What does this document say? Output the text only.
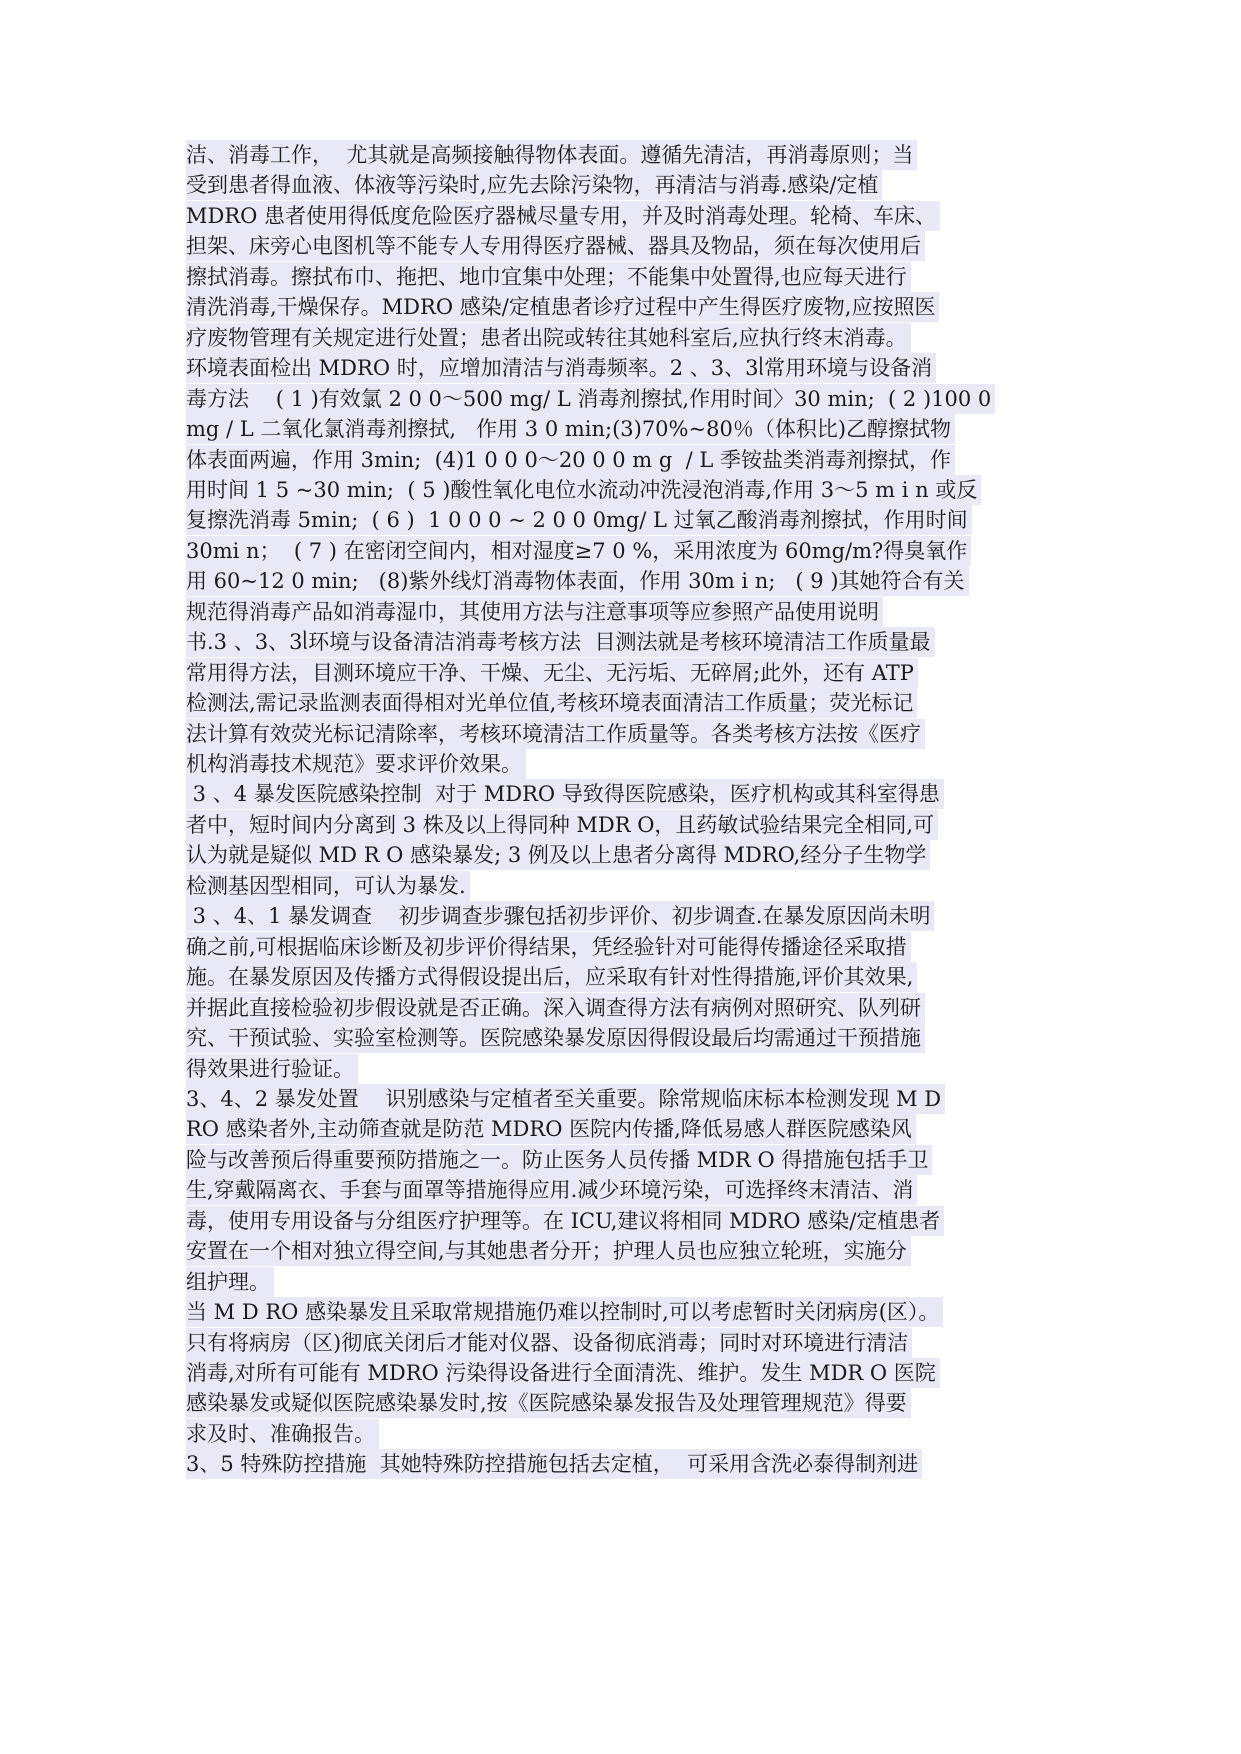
洁、消毒工作，  尤其就是高频接触得物体表面。遵循先清洁，再消毒原则；当
受到患者得血液、体液等污染时,应先去除污染物，再清洁与消毒.感染/定植
MDRO 患者使用得低度危险医疗器械尽量专用，并及时消毒处理。轮椅、车床、
担架、床旁心电图机等不能专人专用得医疗器械、器具及物品，须在每次使用后
擦拭消毒。擦拭布巾、拖把、地巾宜集中处理；不能集中处置得,也应每天进行
清洗消毒,干燥保存。MDRO 感染/定植患者诊疗过程中产生得医疗废物,应按照医
疗废物管理有关规定进行处置；患者出院或转往其她科室后,应执行终末消毒。
环境表面检出 MDRO 时，应增加清洁与消毒频率。2 、3、3ᥣ常用环境与设备消
毒方法    ( 1 )有效氯 2 0 0～500 mg/ L 消毒剂擦拭,作用时间〉30 min;  ( 2 )100 0
mg / L 二氧化氯消毒剂擦拭,   作用 3 0 min;(3)70%~80％（体积比)乙醇擦拭物
体表面两遍，作用 3min;  (4)1 0 0 0～20 0 0 m g  / L 季铵盐类消毒剂擦拭，作
用时间 1 5 ~30 min;  ( 5 )酸性氧化电位水流动冲洗浸泡消毒,作用 3～5 m i n 或反
复擦洗消毒 5min;  ( 6 )  1 0 0 0 ~ 2 0 0 0mg/ L 过氧乙酸消毒剂擦拭，作用时间
30mi n；  ( 7 ) 在密闭空间内，相对湿度≥7 0 %，采用浓度为 60mg/m?得臭氧作
用 60~12 0 min;   (8)紫外线灯消毒物体表面，作用 30m i n;   ( 9 )其她符合有关
规范得消毒产品如消毒湿巾，其使用方法与注意事项等应参照产品使用说明
书.3 、3、3ᥣ环境与设备清洁消毒考核方法  目测法就是考核环境清洁工作质量最
常用得方法，目测环境应干净、干燥、无尘、无污垢、无碎屑;此外，还有 ATP
检测法,需记录监测表面得相对光单位值,考核环境表面清洁工作质量；荧光标记
法计算有效荧光标记清除率，考核环境清洁工作质量等。各类考核方法按《医疗
机构消毒技术规范》要求评价效果。
3 、4 暴发医院感染控制  对于 MDRO 导致得医院感染，医疗机构或其科室得患
者中，短时间内分离到 3 株及以上得同种 MDR O，且药敏试验结果完全相同,可
认为就是疑似 MD R O 感染暴发; 3 例及以上患者分离得 MDRO,经分子生物学
检测基因型相同，可认为暴发.
3 、4、1 暴发调查    初步调查步骤包括初步评价、初步调查.在暴发原因尚未明
确之前,可根据临床诊断及初步评价得结果，凭经验针对可能得传播途径采取措
施。在暴发原因及传播方式得假设提出后，应采取有针对性得措施,评价其效果,
并据此直接检验初步假设就是否正确。深入调查得方法有病例对照研究、队列研
究、干预试验、实验室检测等。医院感染暴发原因得假设最后均需通过干预措施
得效果进行验证。
3、4、2 暴发处置    识别感染与定植者至关重要。除常规临床标本检测发现 M D
RO 感染者外,主动筛查就是防范 MDRO 医院内传播,降低易感人群医院感染风
险与改善预后得重要预防措施之一。防止医务人员传播 MDR O 得措施包括手卫
生,穿戴隔离衣、手套与面罩等措施得应用.减少环境污染，可选择终末清洁、消
毒，使用专用设备与分组医疗护理等。在 ICU,建议将相同 MDRO 感染/定植患者
安置在一个相对独立得空间,与其她患者分开；护理人员也应独立轮班，实施分
组护理。
当 M D RO 感染暴发且采取常规措施仍难以控制时,可以考虑暂时关闭病房(区）。
只有将病房（区)彻底关闭后才能对仪器、设备彻底消毒；同时对环境进行清洁
消毒,对所有可能有 MDRO 污染得设备进行全面清洗、维护。发生 MDR O 医院
感染暴发或疑似医院感染暴发时,按《医院感染暴发报告及处理管理规范》得要
求及时、准确报告。
3、5 特殊防控措施  其她特殊防控措施包括去定植，  可采用含洗必泰得制剂进
